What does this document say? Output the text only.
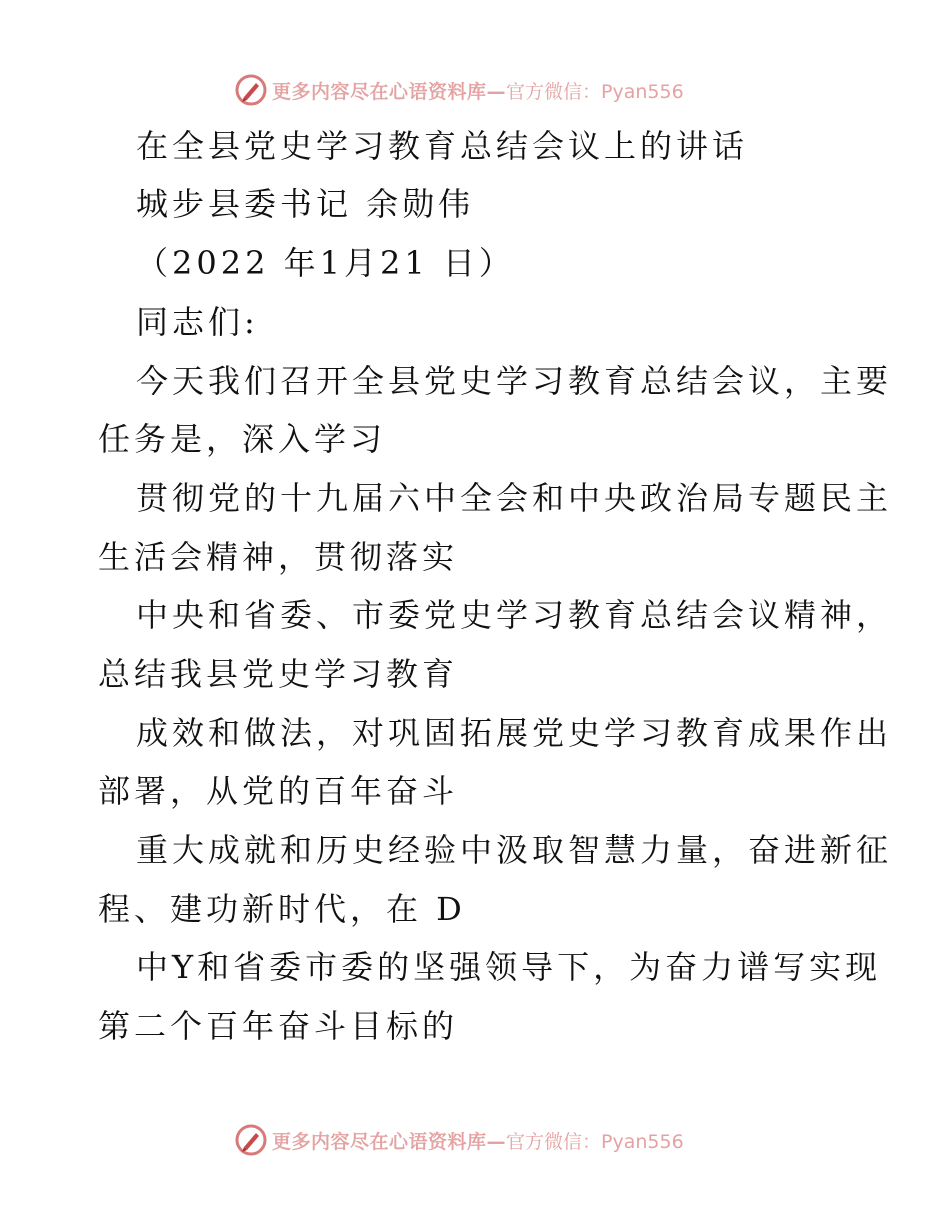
更多内容尽在心语资料库— 官方微信：Pyan556
在全县党史学习教育总结会议上的讲话
城步县委书记 余勋伟
（2022 年1月21 日）
同志们:
今天我们召开全县党史学习教育总结会议，主要
任务是，深入学习
贯彻党的十九届六中全会和中央政治局专题民主
生活会精神，贯彻落实
中央和省委、市委党史学习教育总结会议精神，
总结我县党史学习教育
成效和做法，对巩固拓展党史学习教育成果作出
部署，从党的百年奋斗
重大成就和历史经验中汲取智慧力量，奋进新征
程、建功新时代，在 D
中Y和省委市委的坚强领导下，为奋力谱写实现
第二个百年奋斗目标的
更多内容尽在心语资料库— 官方微信：Pyan556
